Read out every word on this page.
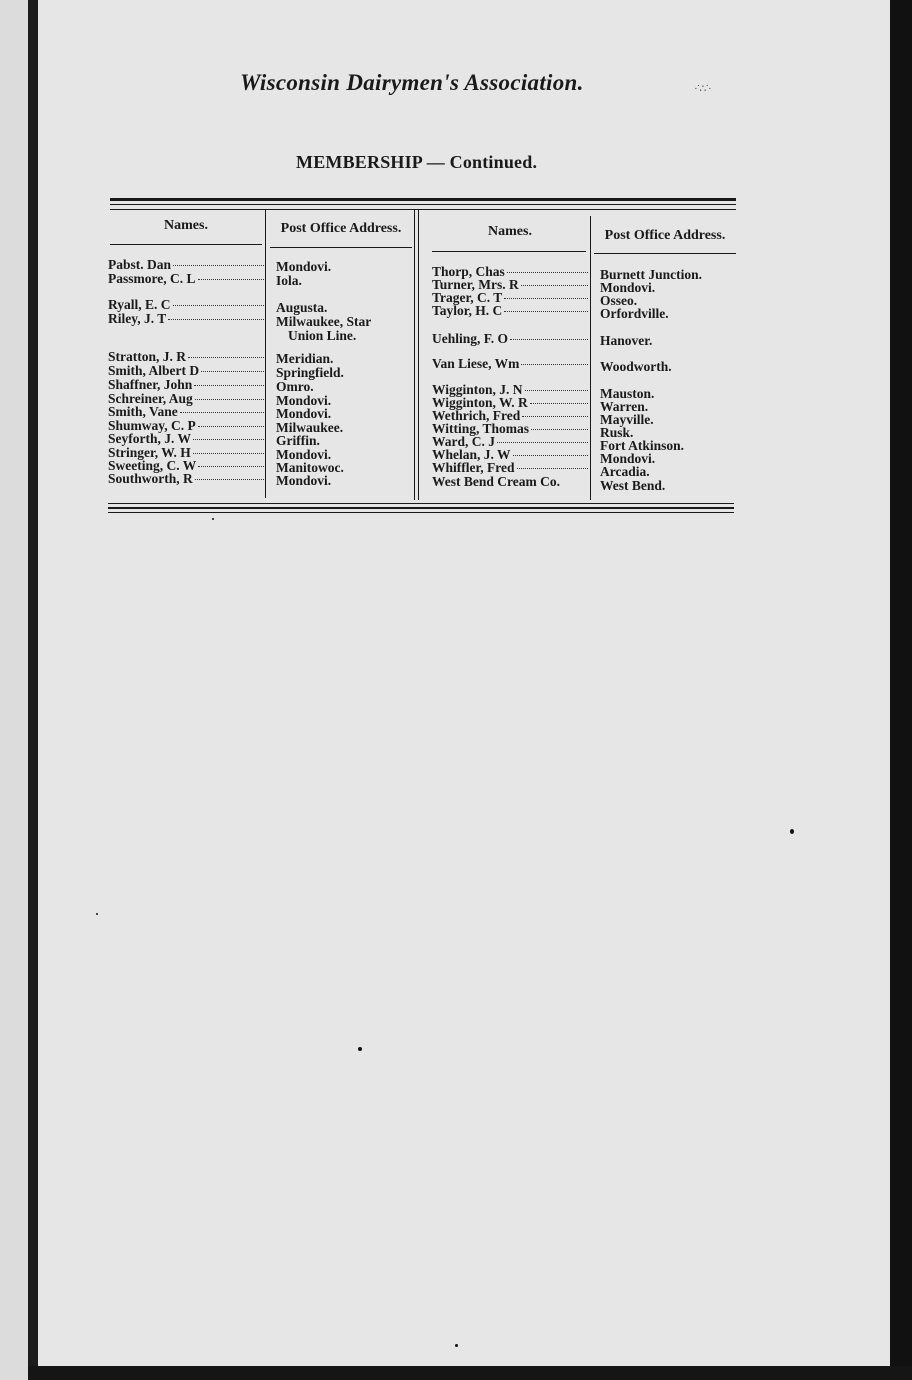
Wisconsin Dairymen's Association.	·˙∴˙·
MEMBERSHIP — Continued.
Names.	Post Office Address.	Names.	Post Office Address.
Pabst. Dan	Mondovi.
Passmore, C. L	Iola.
Ryall, E. C	Augusta.
Riley, J. T	Milwaukee, Star
Union Line.
Stratton, J. R	Meridian.
Smith, Albert D	Springfield.
Shaffner, John	Omro.
Schreiner, Aug	Mondovi.
Smith, Vane	Mondovi.
Shumway, C. P	Milwaukee.
Seyforth, J. W	Griffin.
Stringer, W. H	Mondovi.
Sweeting, C. W	Manitowoc.
Southworth, R	Mondovi.
Thorp, Chas	Burnett Junction.
Turner, Mrs. R	Mondovi.
Trager, C. T	Osseo.
Taylor, H. C	Orfordville.
Uehling, F. O	Hanover.
Van Liese, Wm	Woodworth.
Wigginton, J. N	Mauston.
Wigginton, W. R	Warren.
Wethrich, Fred	Mayville.
Witting, Thomas	Rusk.
Ward, C. J	Fort Atkinson.
Whelan, J. W	Mondovi.
Whiffler, Fred	Arcadia.
West Bend Cream Co.	West Bend.
